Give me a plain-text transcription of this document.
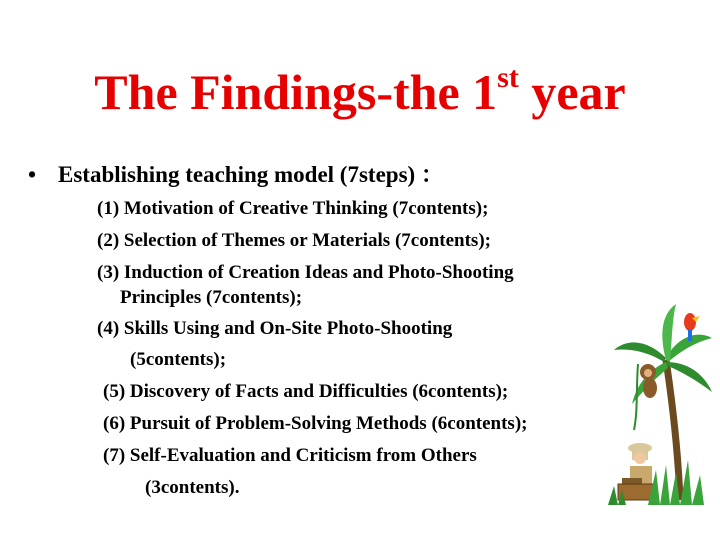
The Findings-the 1st year
• Establishing teaching model (7steps) ：
(1) Motivation of Creative Thinking (7contents);
(2) Selection of Themes or Materials (7contents);
(3) Induction of Creation Ideas and Photo-Shooting
Principles (7contents);
(4) Skills Using and On-Site Photo-Shooting
(5contents);
(5) Discovery of Facts and Difficulties (6contents);
(6) Pursuit of Problem-Solving Methods (6contents);
(7) Self-Evaluation and Criticism from Others
(3contents).
